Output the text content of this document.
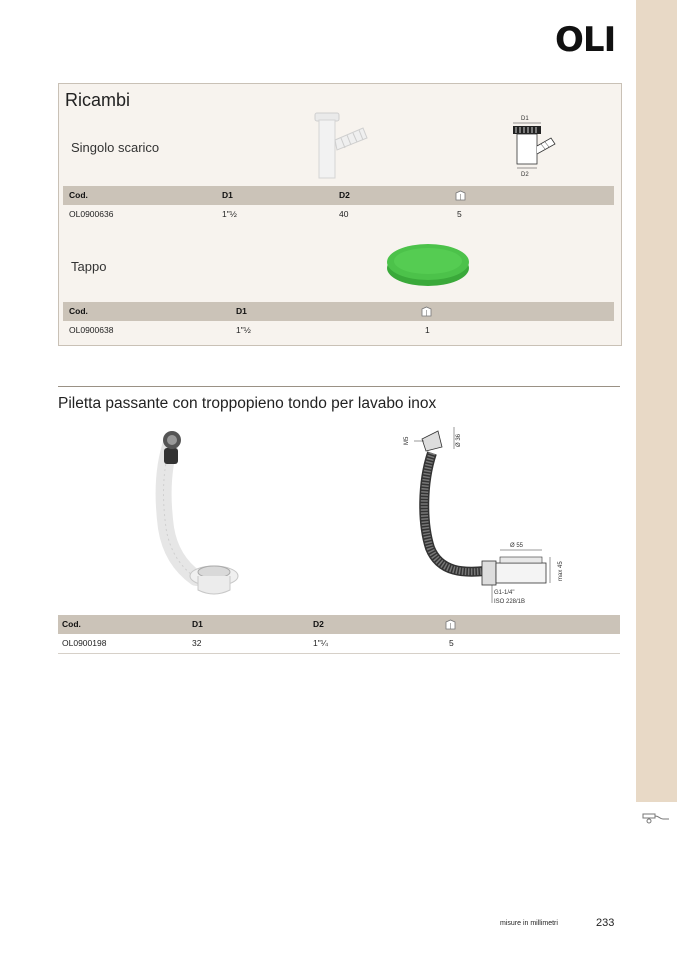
OLI
Ricambi
Singolo scarico
D1
D2
Cod.	D1	D2
OL0900636	1"½	40	5
Tappo
Cod.	D1
OL0900638	1"½	1
Piletta passante con troppopieno tondo per lavabo inox
M5	Ø 36
Ø 55
max 45
G1-1/4"
ISO 228/1B
Cod.	D1	D2
OL0900198	32	1"¼	5
misure in millimetri	233
